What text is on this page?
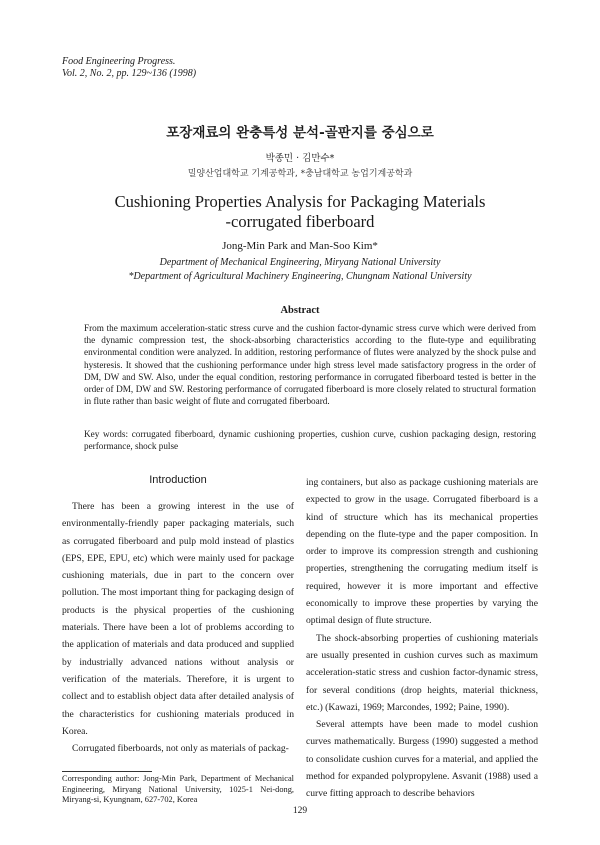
Food Engineering Progress.
Vol. 2, No. 2, pp. 129~136 (1998)
포장재료의 완충특성 분석-골판지를 중심으로
박종민 · 김만수*
밀양산업대학교 기계공학과, *충남대학교 농업기계공학과
Cushioning Properties Analysis for Packaging Materials
-corrugated fiberboard
Jong-Min Park and Man-Soo Kim*
Department of Mechanical Engineering, Miryang National University
*Department of Agricultural Machinery Engineering, Chungnam National University
Abstract
From the maximum acceleration-static stress curve and the cushion factor-dynamic stress curve which were derived from the dynamic compression test, the shock-absorbing characteristics according to the flute-type and equilibrating environmental condition were analyzed. In addition, restoring performance of flutes were analyzed by the shock pulse and hysteresis. It showed that the cushioning performance under high stress level made satisfactory progress in the order of DM, DW and SW. Also, under the equal condition, restoring performance in corrugated fiberboard tested is better in the order of DM, DW and SW. Restoring performance of corrugated fiberboard is more closely related to structural formation in flute rather than basic weight of flute and corrugated fiberboard.
Key words: corrugated fiberboard, dynamic cushioning properties, cushion curve, cushion packaging design, restoring performance, shock pulse
Introduction

There has been a growing interest in the use of environmentally-friendly paper packaging materials, such as corrugated fiberboard and pulp mold instead of plastics (EPS, EPE, EPU, etc) which were mainly used for package cushioning materials, due in part to the concern over pollution. The most important thing for packaging design of products is the physical properties of the cushioning materials. There have been a lot of problems according to the application of materials and data produced and supplied by industrially advanced nations without analysis or verification of the materials. Therefore, it is urgent to collect and to establish object data after detailed analysis of the characteristics for cushioning materials produced in Korea.

Corrugated fiberboards, not only as materials of packag-

ing containers, but also as package cushioning materials are expected to grow in the usage. Corrugated fiberboard is a kind of structure which has its mechanical properties depending on the flute-type and the paper composition. In order to improve its compression strength and cushioning properties, strengthening the corrugating medium itself is required, however it is more important and effective economically to improve these properties by varying the optimal design of flute structure.

The shock-absorbing properties of cushioning materials are usually presented in cushion curves such as maximum acceleration-static stress and cushion factor-dynamic stress, for several conditions (drop heights, material thickness, etc.) (Kawazi, 1969; Marcondes, 1992; Paine, 1990).

Several attempts have been made to model cushion curves mathematically. Burgess (1990) suggested a method to consolidate cushion curves for a material, and applied the method for expanded polypropylene. Asvanit (1988) used a curve fitting approach to describe behaviors

Corresponding author: Jong-Min Park, Department of Mechanical Engineering, Miryang National University, 1025-1 Nei-dong, Miryang-si, Kyungnam, 627-702, Korea
129
